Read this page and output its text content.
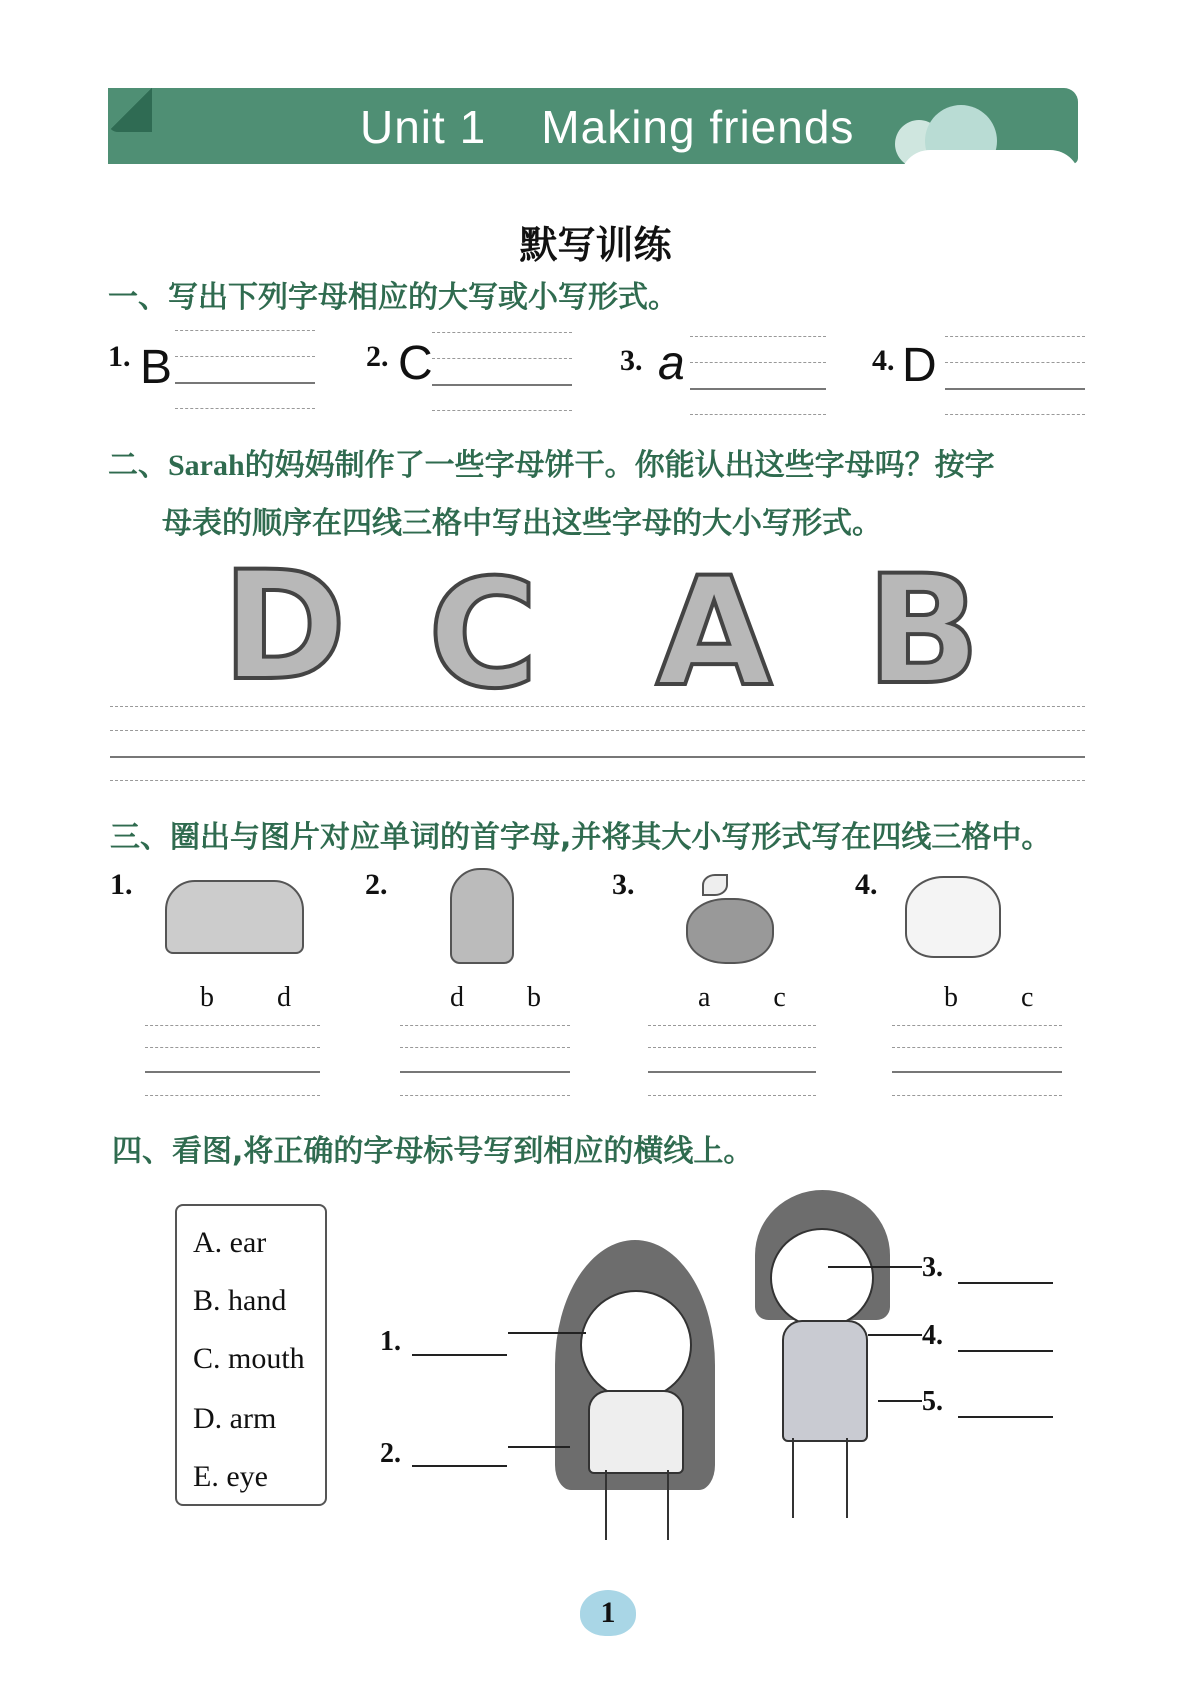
Unit 1    Making friends
默写训练
一、写出下列字母相应的大写或小写形式。
1. B	2. C	3. a	4. D
二、Sarah的妈妈制作了一些字母饼干。你能认出这些字母吗？按字
母表的顺序在四线三格中写出这些字母的大小写形式。
D C A B
三、圈出与图片对应单词的首字母,并将其大小写形式写在四线三格中。
1.
b d
2.
d b
3.
a c
4.
b c
四、看图,将正确的字母标号写到相应的横线上。
A. ear
B. hand
C. mouth
D. arm
E. eye
1.
2.
3.
4.
5.
1
